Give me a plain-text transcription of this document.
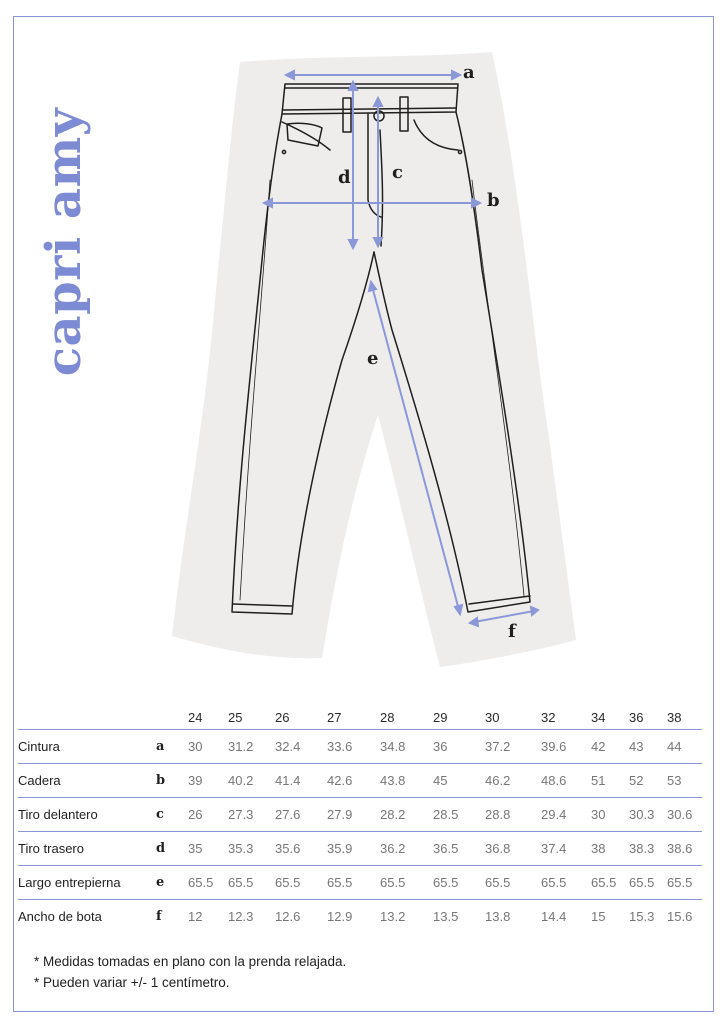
capri amy
a
b
c
d
e
f
		24	25	26	27	28	29	30	32	34	36	38
Cintura	a	30	31.2	32.4	33.6	34.8	36	37.2	39.6	42	43	44
Cadera	b	39	40.2	41.4	42.6	43.8	45	46.2	48.6	51	52	53
Tiro delantero	c	26	27.3	27.6	27.9	28.2	28.5	28.8	29.4	30	30.3	30.6
Tiro trasero	d	35	35.3	35.6	35.9	36.2	36.5	36.8	37.4	38	38.3	38.6
Largo entrepierna	e	65.5	65.5	65.5	65.5	65.5	65.5	65.5	65.5	65.5	65.5	65.5
Ancho de bota	f	12	12.3	12.6	12.9	13.2	13.5	13.8	14.4	15	15.3	15.6
* Medidas tomadas en plano con la prenda relajada.
* Pueden variar +/- 1 centímetro.
